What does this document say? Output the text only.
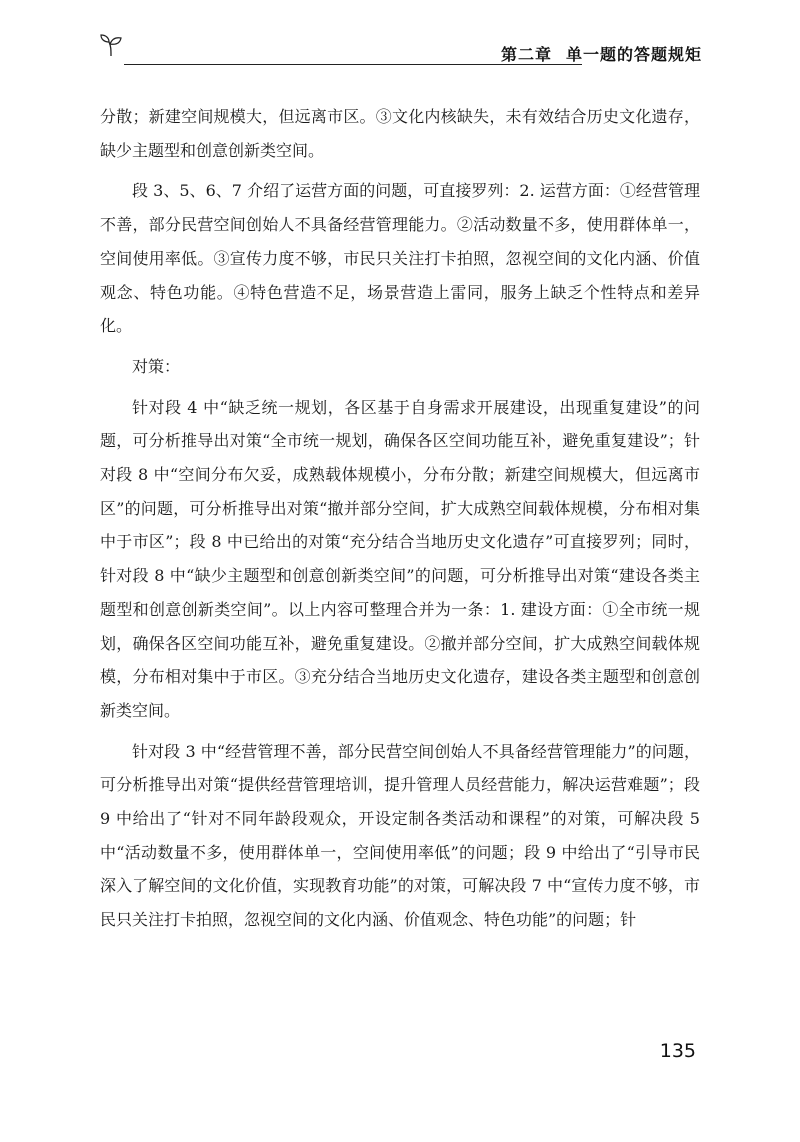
第二章 单一题的答题规矩

分散；新建空间规模大，但远离市区。③文化内核缺失，未有效结合历史文化遗存，缺少主题型和创意创新类空间。

段 3、5、6、7 介绍了运营方面的问题，可直接罗列：2. 运营方面：①经营管理不善，部分民营空间创始人不具备经营管理能力。②活动数量不多，使用群体单一，空间使用率低。③宣传力度不够，市民只关注打卡拍照，忽视空间的文化内涵、价值观念、特色功能。④特色营造不足，场景营造上雷同，服务上缺乏个性特点和差异化。

对策：

针对段 4 中“缺乏统一规划，各区基于自身需求开展建设，出现重复建设”的问题，可分析推导出对策“全市统一规划，确保各区空间功能互补，避免重复建设”；针对段 8 中“空间分布欠妥，成熟载体规模小，分布分散；新建空间规模大，但远离市区”的问题，可分析推导出对策“撤并部分空间，扩大成熟空间载体规模，分布相对集中于市区”；段 8 中已给出的对策“充分结合当地历史文化遗存”可直接罗列；同时，针对段 8 中“缺少主题型和创意创新类空间”的问题，可分析推导出对策“建设各类主题型和创意创新类空间”。以上内容可整理合并为一条：1. 建设方面：①全市统一规划，确保各区空间功能互补，避免重复建设。②撤并部分空间，扩大成熟空间载体规模，分布相对集中于市区。③充分结合当地历史文化遗存，建设各类主题型和创意创新类空间。

针对段 3 中“经营管理不善，部分民营空间创始人不具备经营管理能力”的问题，可分析推导出对策“提供经营管理培训，提升管理人员经营能力，解决运营难题”；段 9 中给出了“针对不同年龄段观众，开设定制各类活动和课程”的对策，可解决段 5 中“活动数量不多，使用群体单一，空间使用率低”的问题；段 9 中给出了“引导市民深入了解空间的文化价值，实现教育功能”的对策，可解决段 7 中“宣传力度不够，市民只关注打卡拍照，忽视空间的文化内涵、价值观念、特色功能”的问题；针

135
